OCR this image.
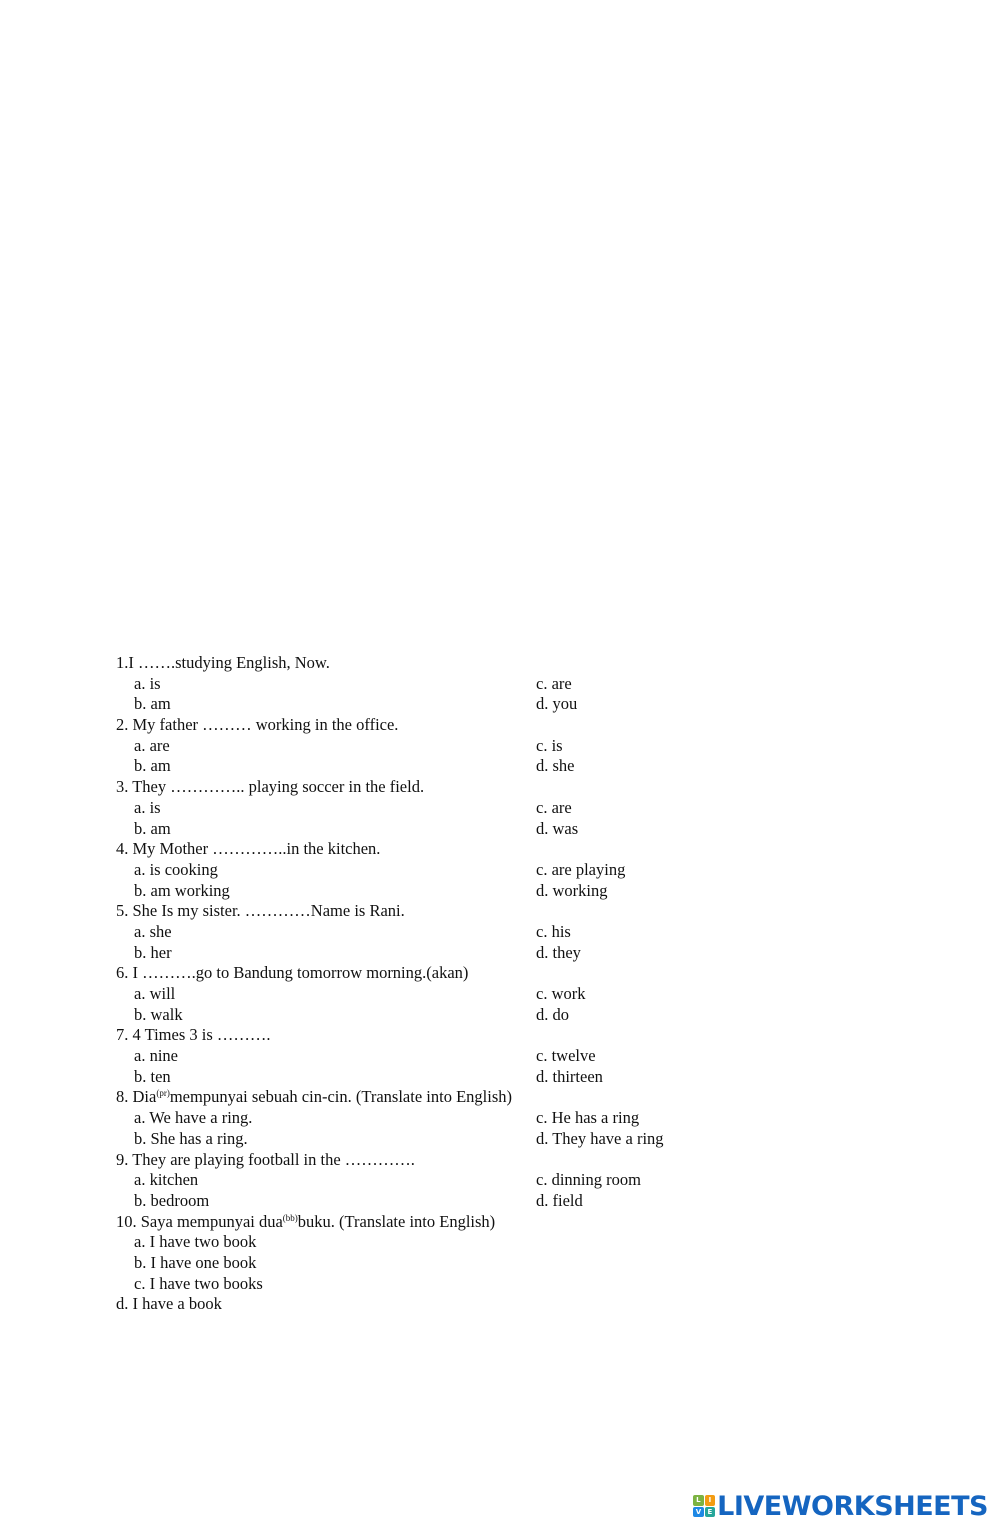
1.I …….studying English, Now.
a. is	c. are
b. am	d. you
2. My father ……… working in the office.
a. are	c. is
b. am	d. she
3. They ………….. playing soccer in the field.
a. is	c. are
b. am	d. was
4. My Mother …………..in the kitchen.
a. is cooking	c. are playing
b. am working	d. working
5. She Is my sister. …………Name is Rani.
a. she	c. his
b. her	d. they
6. I ……….go to Bandung tomorrow morning.(akan)
a. will	c. work
b. walk	d. do
7. 4 Times 3 is ……….
a. nine	c. twelve
b. ten	d. thirteen
8. Dia$^{(pr)}$mempunyai sebuah cin-cin. (Translate into English)
a. We have a ring.	c. He has a ring
b. She has a ring.	d. They have a ring
9. They are playing football in the ………….
a. kitchen	c. dinning room
b. bedroom	d. field
10. Saya mempunyai dua$^{(bb)}$buku. (Translate into English)
a. I have two book
b. I have one book
c. I have two books
d. I have a book
L	I
V E LIVEWORKSHEETS
